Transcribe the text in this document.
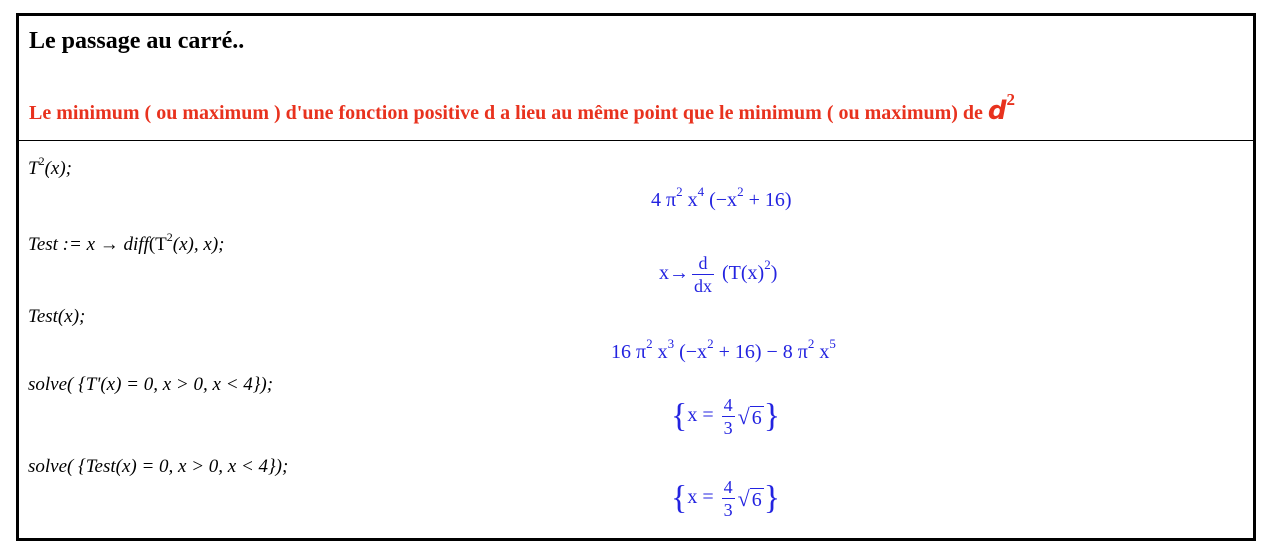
Le passage au carré..
Le minimum ( ou maximum ) d'une fonction positive d a lieu au même point que le minimum ( ou maximum) de $d^2$
$T^2(x)$;
4 $\pi^2$ $x^4$ $(-x^2 + 16)$
Test := $x \to diff(T^2(x)$, x);
$x\to \frac{d}{dx} (T(x)^2)$
Test(x);
16 $\pi^2$ $x^3$ $(-x^2 + 16) - 8$ $\pi^2$ $x^5$
solve( {T'(x) = 0, x > 0, x < 4});
{$x = \frac{4}{3}$ √ 6}
solve( {Test(x) = 0, x > 0, x < 4});
{$x = \frac{4}{3}$ √ 6}
